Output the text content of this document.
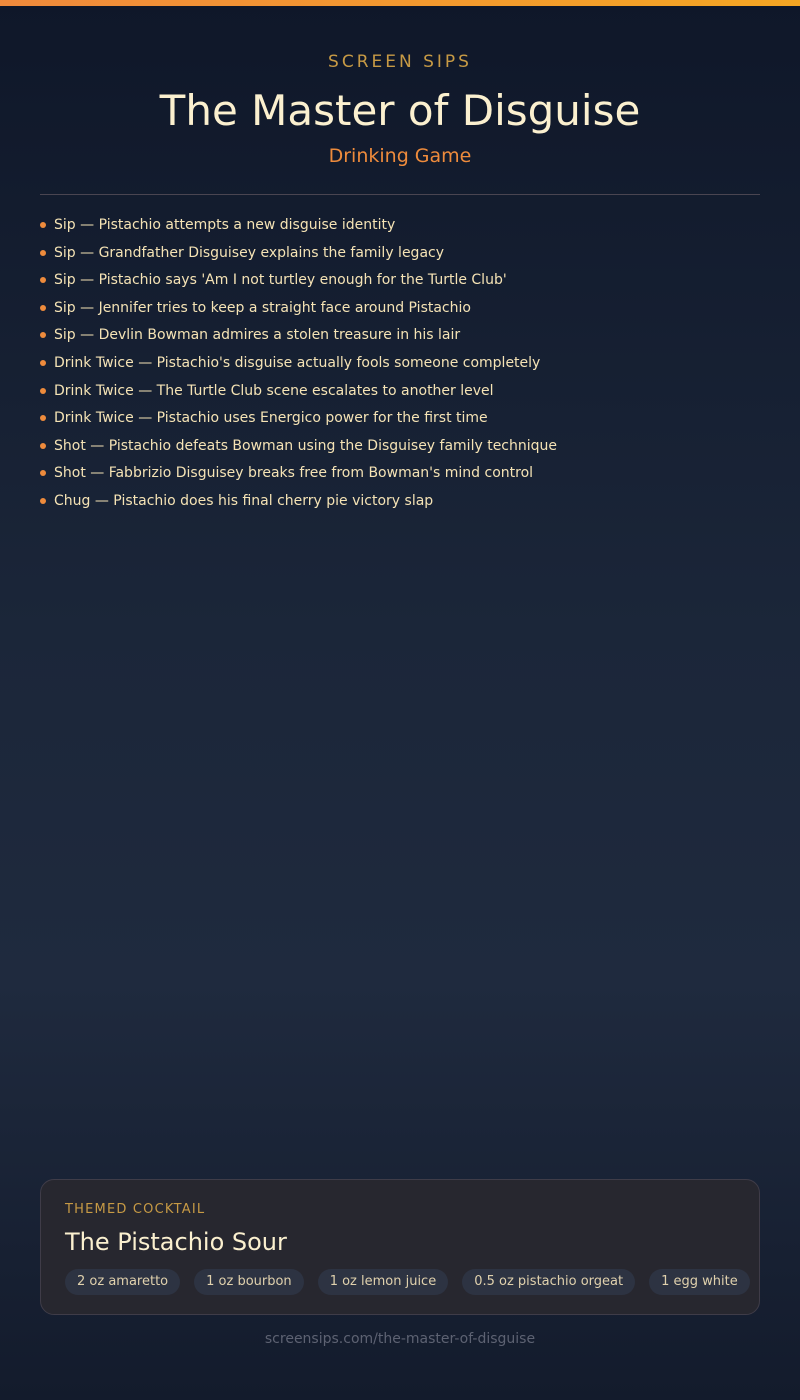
SCREEN SIPS
The Master of Disguise
Drinking Game
Sip — Pistachio attempts a new disguise identity
Sip — Grandfather Disguisey explains the family legacy
Sip — Pistachio says 'Am I not turtley enough for the Turtle Club'
Sip — Jennifer tries to keep a straight face around Pistachio
Sip — Devlin Bowman admires a stolen treasure in his lair
Drink Twice — Pistachio's disguise actually fools someone completely
Drink Twice — The Turtle Club scene escalates to another level
Drink Twice — Pistachio uses Energico power for the first time
Shot — Pistachio defeats Bowman using the Disguisey family technique
Shot — Fabbrizio Disguisey breaks free from Bowman's mind control
Chug — Pistachio does his final cherry pie victory slap
THEMED COCKTAIL
The Pistachio Sour
2 oz amaretto	1 oz bourbon	1 oz lemon juice	0.5 oz pistachio orgeat	1 egg white
screensips.com/the-master-of-disguise
